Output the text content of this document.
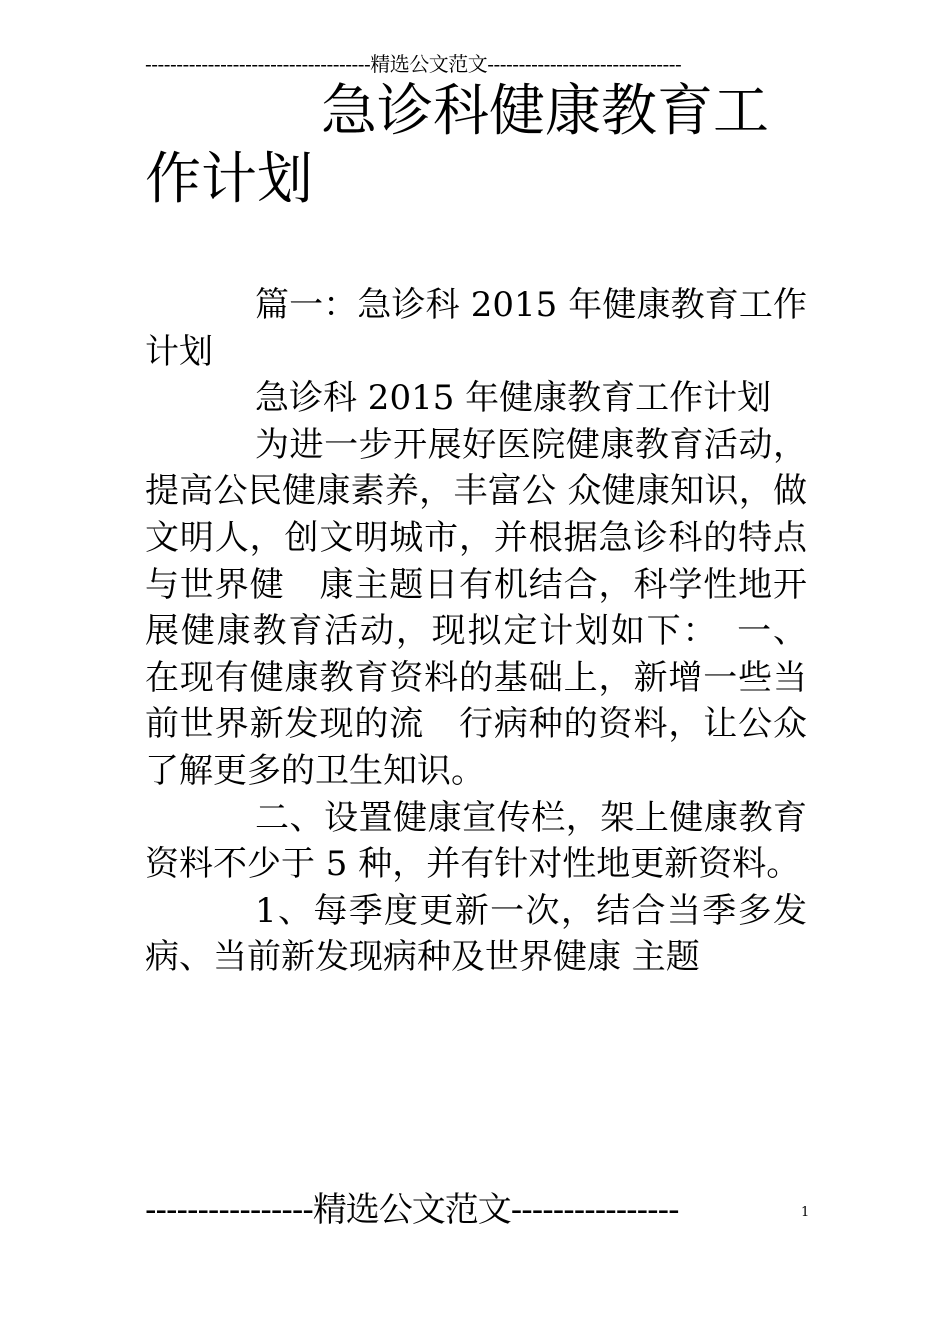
------------------------------------精选公文范文-------------------------------
急诊科健康教育工作计划

篇一：急诊科 2015 年健康教育工作计划

急诊科 2015 年健康教育工作计划

为进一步开展好医院健康教育活动，提高公民健康素养，丰富公 众健康知识，做文明人，创文明城市，并根据急诊科的特点与世界健　康主题日有机结合，科学性地开展健康教育活动，现拟定计划如下：　一、在现有健康教育资料的基础上，新增一些当前世界新发现的流　行病种的资料，让公众了解更多的卫生知识。

二、设置健康宣传栏，架上健康教育资料不少于 5 种，并有针对性地更新资料。

1、每季度更新一次，结合当季多发病、当前新发现病种及世界健康 主题

----------------精选公文范文----------------	1
